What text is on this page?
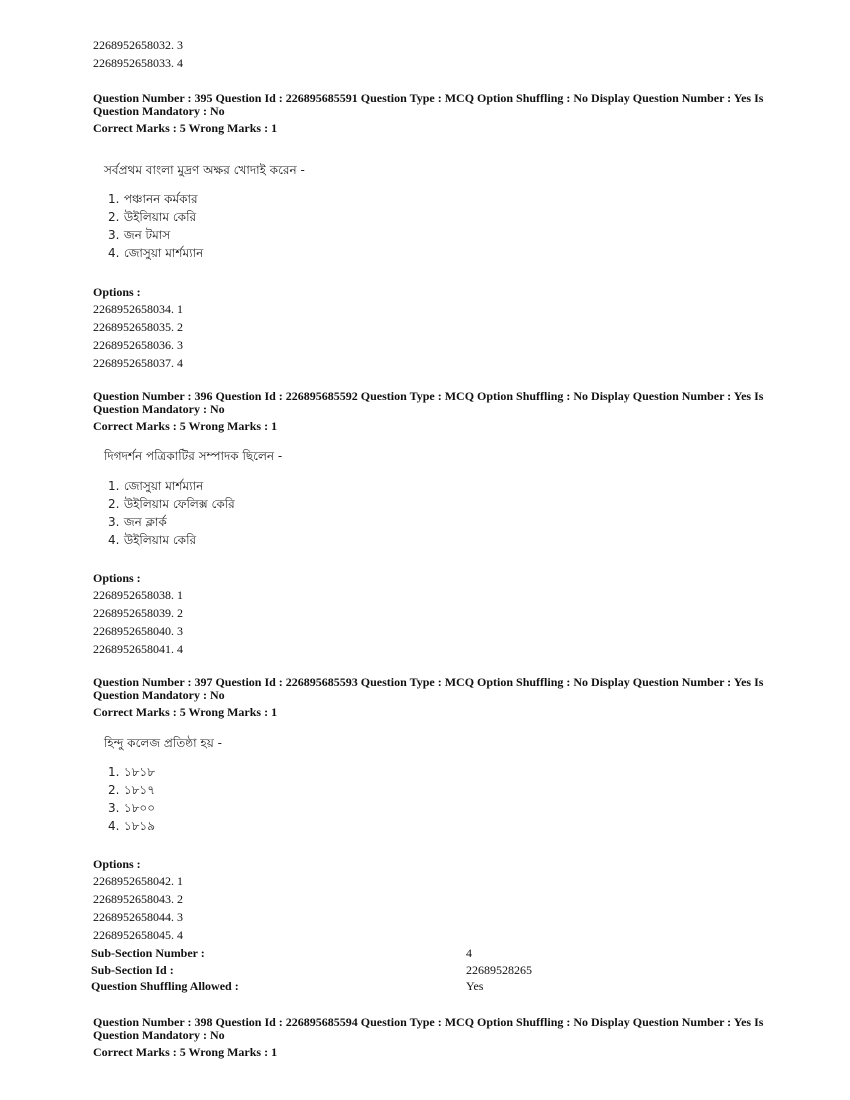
2268952658032. 3
2268952658033. 4
Question Number : 395 Question Id : 226895685591 Question Type : MCQ Option Shuffling : No Display Question Number : Yes Is
Question Mandatory : No
Correct Marks : 5 Wrong Marks : 1
সর্বপ্রথম বাংলা মুদ্রণ অক্ষর খোদাই করেন -
1. পঞ্চানন কর্মকার
2. উইলিয়াম কেরি
3. জন টমাস
4. জোসুয়া মার্শম্যান
Options :
2268952658034. 1
2268952658035. 2
2268952658036. 3
2268952658037. 4
Question Number : 396 Question Id : 226895685592 Question Type : MCQ Option Shuffling : No Display Question Number : Yes Is
Question Mandatory : No
Correct Marks : 5 Wrong Marks : 1
দিগদর্শন পত্রিকাটির সম্পাদক ছিলেন -
1. জোসুয়া মার্শম্যান
2. উইলিয়াম ফেলিক্স কেরি
3. জন ক্লার্ক
4. উইলিয়াম কেরি
Options :
2268952658038. 1
2268952658039. 2
2268952658040. 3
2268952658041. 4
Question Number : 397 Question Id : 226895685593 Question Type : MCQ Option Shuffling : No Display Question Number : Yes Is
Question Mandatory : No
Correct Marks : 5 Wrong Marks : 1
হিন্দু কলেজ প্রতিষ্ঠা হয় -
1. ১৮১৮
2. ১৮১৭
3. ১৮০০
4. ১৮১৯
Options :
2268952658042. 1
2268952658043. 2
2268952658044. 3
2268952658045. 4
Sub-Section Number :	4
Sub-Section Id :	22689528265
Question Shuffling Allowed :	Yes
Question Number : 398 Question Id : 226895685594 Question Type : MCQ Option Shuffling : No Display Question Number : Yes Is
Question Mandatory : No
Correct Marks : 5 Wrong Marks : 1
